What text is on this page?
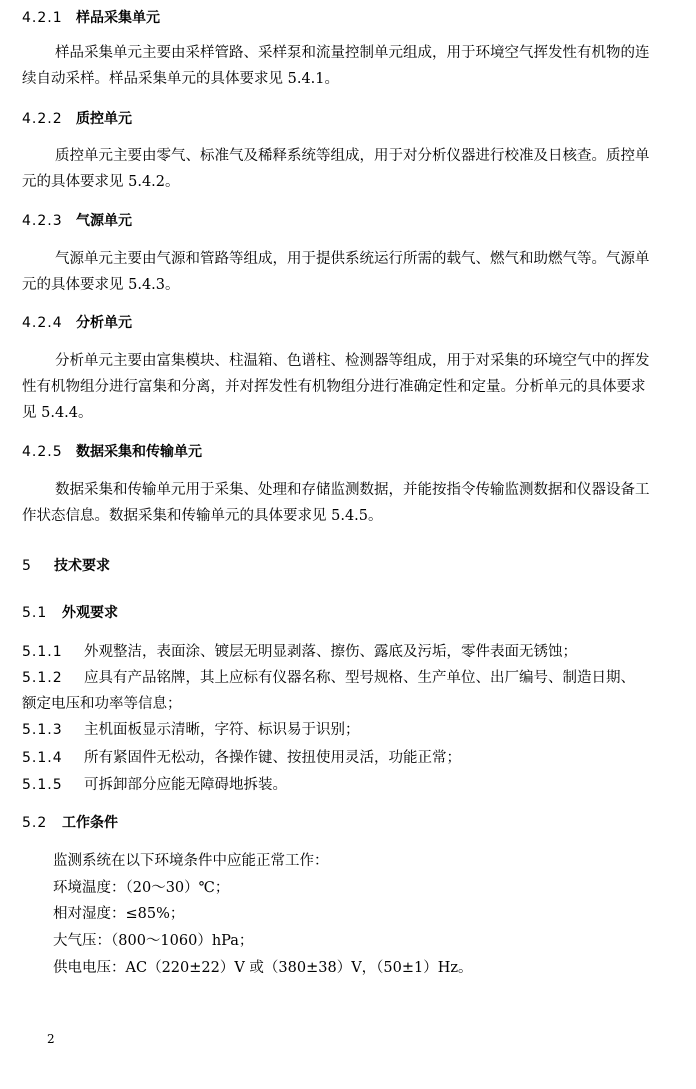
4.2.1 样品采集单元
样品采集单元主要由采样管路、采样泵和流量控制单元组成，用于环境空气挥发性有机物的连续自动采样。样品采集单元的具体要求见 5.4.1。
4.2.2 质控单元
质控单元主要由零气、标准气及稀释系统等组成，用于对分析仪器进行校准及日核查。质控单元的具体要求见 5.4.2。
4.2.3 气源单元
气源单元主要由气源和管路等组成，用于提供系统运行所需的载气、燃气和助燃气等。气源单元的具体要求见 5.4.3。
4.2.4 分析单元
分析单元主要由富集模块、柱温箱、色谱柱、检测器等组成，用于对采集的环境空气中的挥发性有机物组分进行富集和分离，并对挥发性有机物组分进行准确定性和定量。分析单元的具体要求见 5.4.4。
4.2.5 数据采集和传输单元
数据采集和传输单元用于采集、处理和存储监测数据，并能按指令传输监测数据和仪器设备工作状态信息。数据采集和传输单元的具体要求见 5.4.5。
5 技术要求
5.1 外观要求
5.1.1 外观整洁，表面涂、镀层无明显剥落、擦伤、露底及污垢，零件表面无锈蚀；
5.1.2 应具有产品铭牌，其上应标有仪器名称、型号规格、生产单位、出厂编号、制造日期、
额定电压和功率等信息；
5.1.3 主机面板显示清晰，字符、标识易于识别；
5.1.4 所有紧固件无松动，各操作键、按扭使用灵活，功能正常；
5.1.5 可拆卸部分应能无障碍地拆装。
5.2 工作条件
监测系统在以下环境条件中应能正常工作：
环境温度：（20～30）℃；
相对湿度：≤85%；
大气压：（800～1060）hPa；
供电电压：AC（220±22）V 或（380±38）V，（50±1）Hz。
2
